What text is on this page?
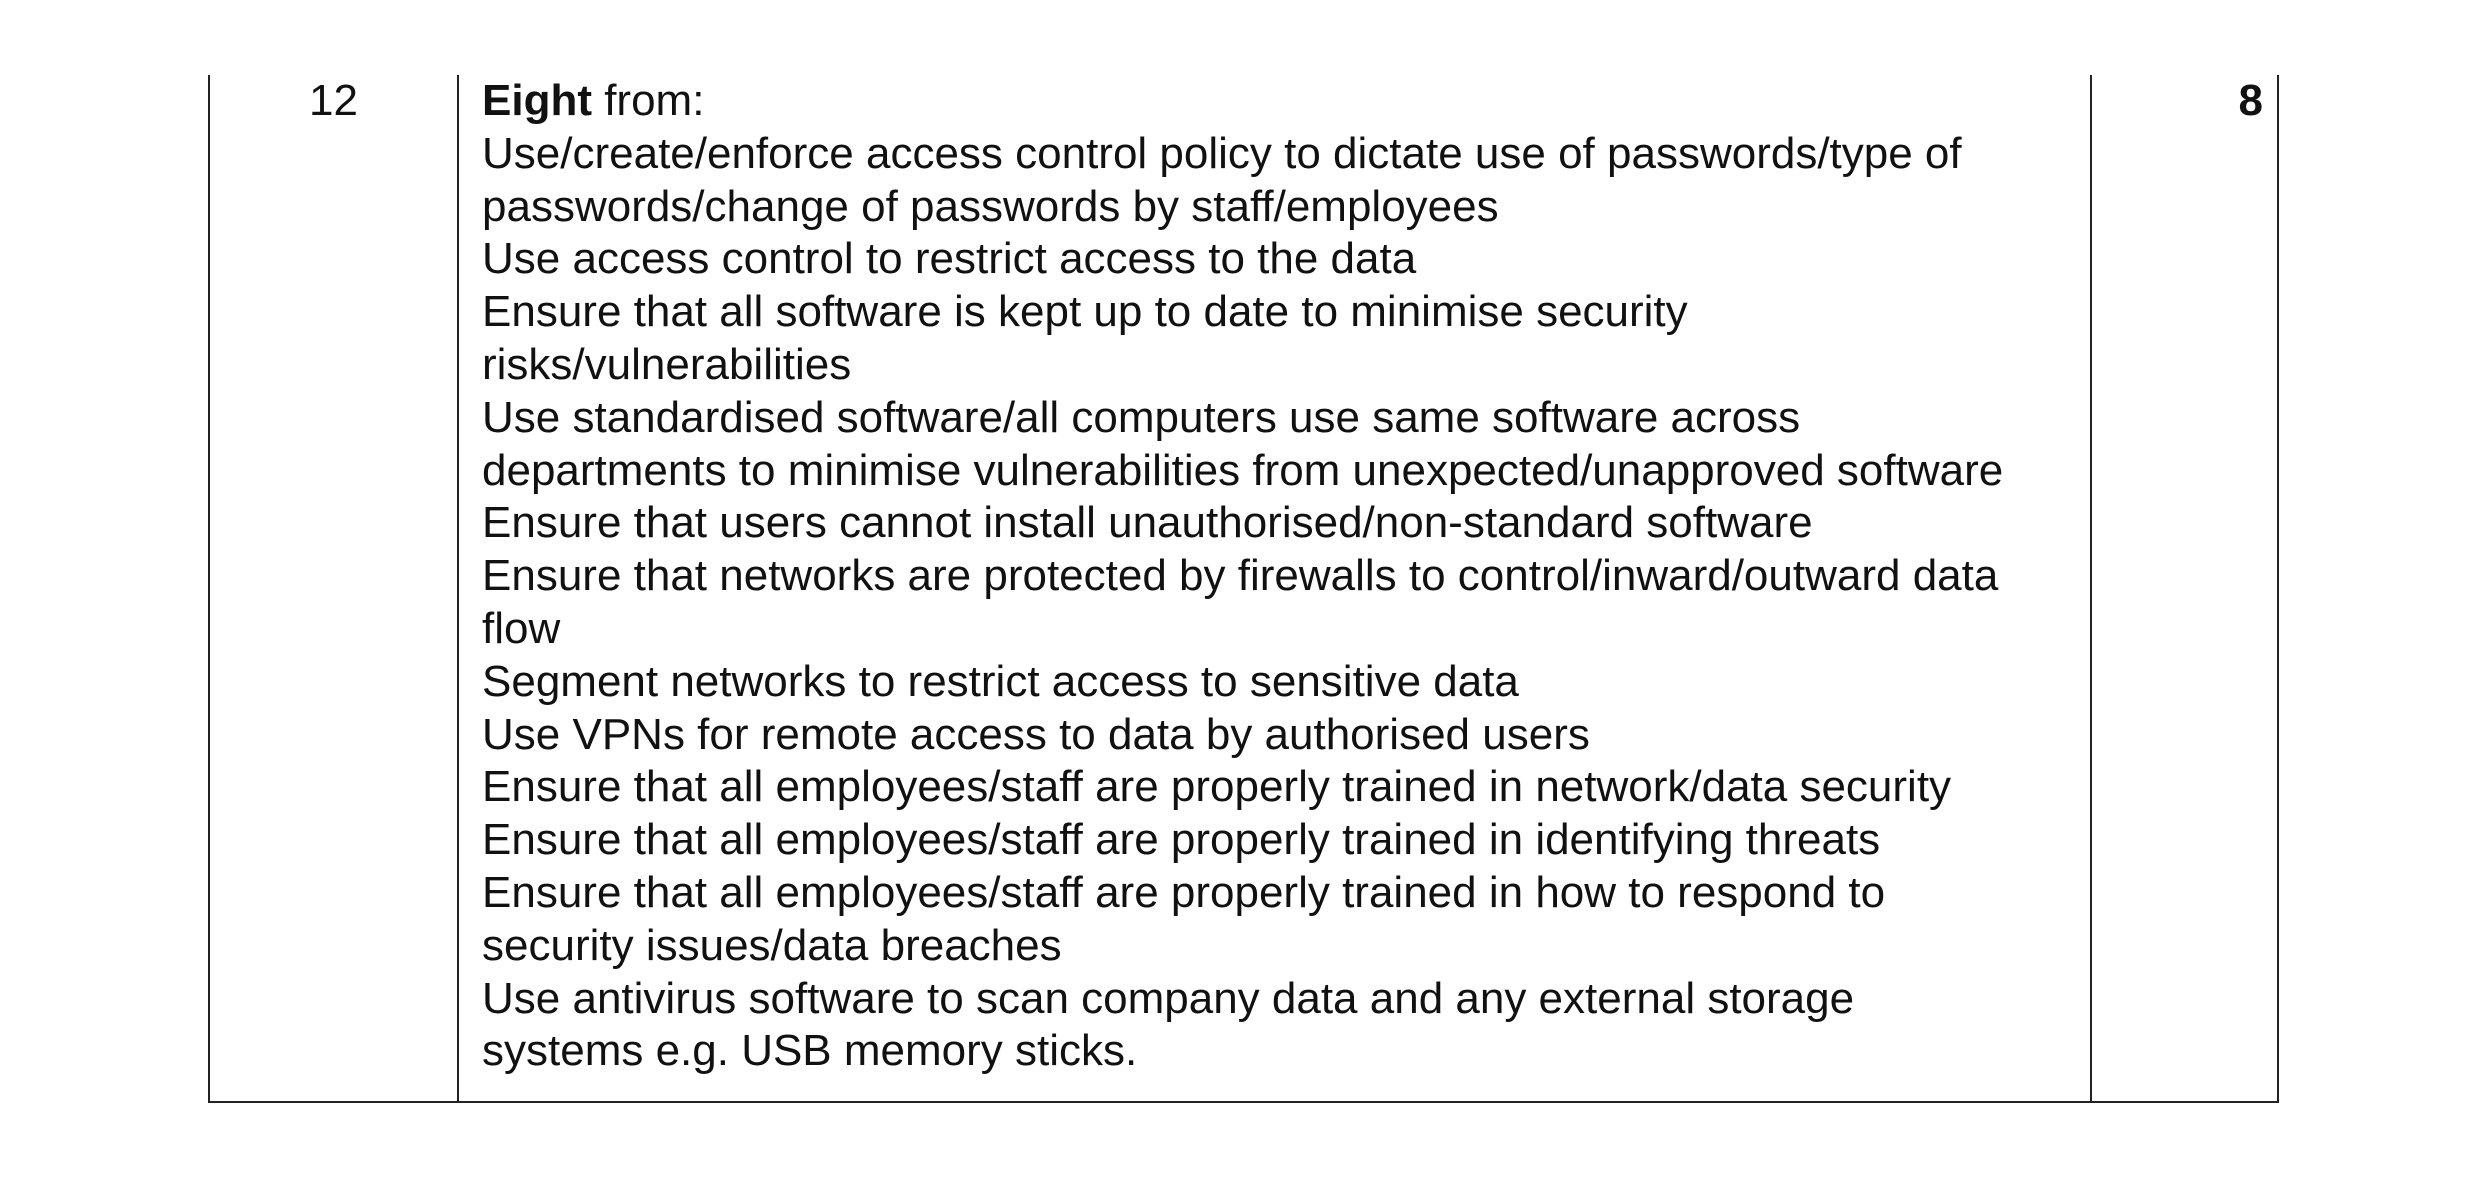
12	Eight from:
Use/create/enforce access control policy to dictate use of passwords/type of
passwords/change of passwords by staff/employees
Use access control to restrict access to the data
Ensure that all software is kept up to date to minimise security
risks/vulnerabilities
Use standardised software/all computers use same software across
departments to minimise vulnerabilities from unexpected/unapproved software
Ensure that users cannot install unauthorised/non-standard software
Ensure that networks are protected by firewalls to control/inward/outward data
flow
Segment networks to restrict access to sensitive data
Use VPNs for remote access to data by authorised users
Ensure that all employees/staff are properly trained in network/data security
Ensure that all employees/staff are properly trained in identifying threats
Ensure that all employees/staff are properly trained in how to respond to
security issues/data breaches
Use antivirus software to scan company data and any external storage
systems e.g. USB memory sticks.
8
